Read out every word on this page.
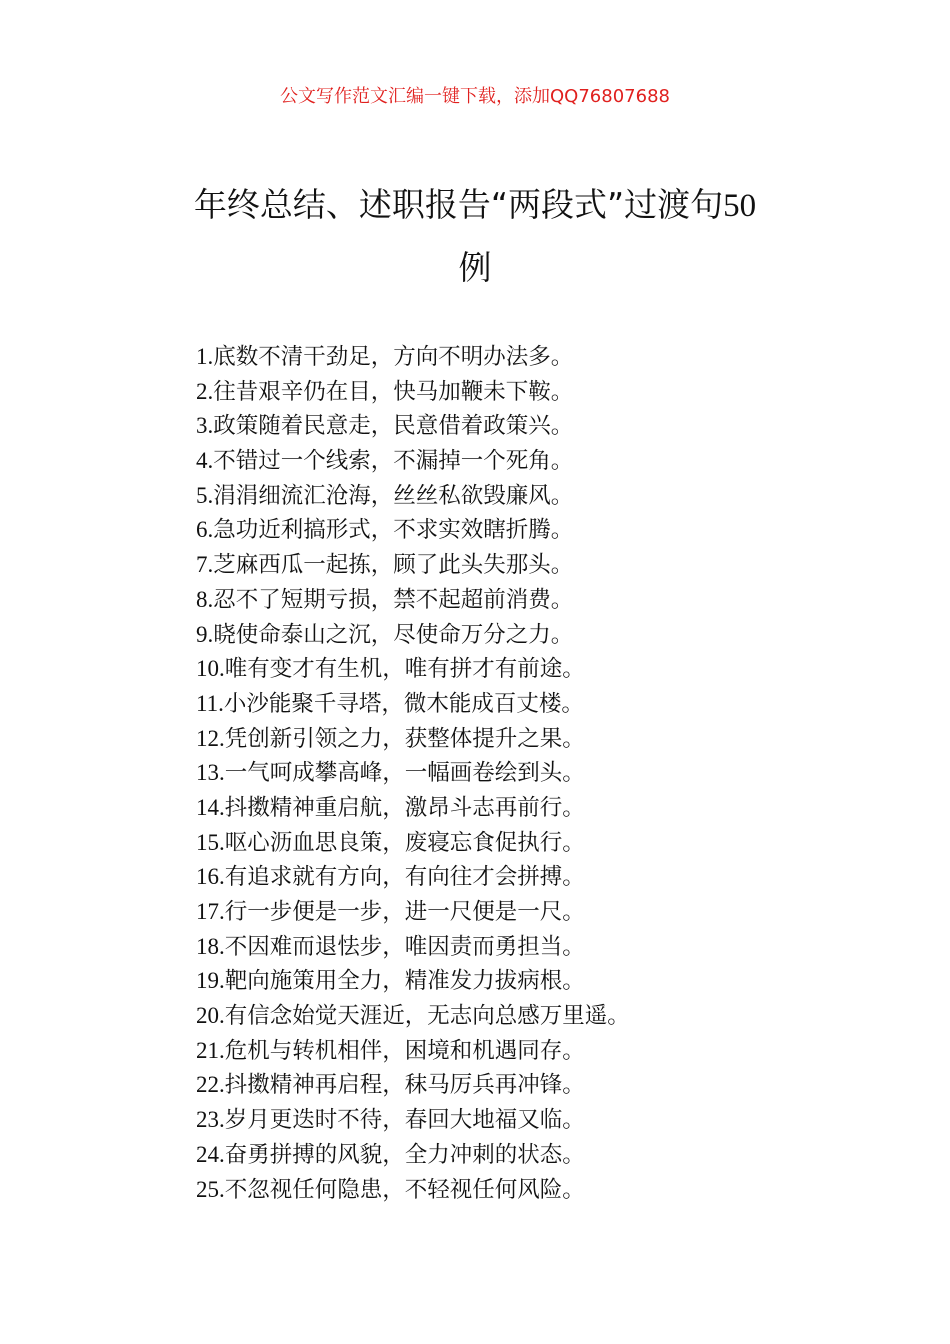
公文写作范文汇编一键下载，添加QQ76807688
年终总结、述职报告“两段式”过渡句50
例
1.底数不清干劲足，方向不明办法多。
2.往昔艰辛仍在目，快马加鞭未下鞍。
3.政策随着民意走，民意借着政策兴。
4.不错过一个线索，不漏掉一个死角。
5.涓涓细流汇沧海，丝丝私欲毁廉风。
6.急功近利搞形式，不求实效瞎折腾。
7.芝麻西瓜一起拣，顾了此头失那头。
8.忍不了短期亏损，禁不起超前消费。
9.晓使命泰山之沉，尽使命万分之力。
10.唯有变才有生机，唯有拼才有前途。
11.小沙能聚千寻塔，微木能成百丈楼。
12.凭创新引领之力，获整体提升之果。
13.一气呵成攀高峰，一幅画卷绘到头。
14.抖擞精神重启航，激昂斗志再前行。
15.呕心沥血思良策，废寝忘食促执行。
16.有追求就有方向，有向往才会拼搏。
17.行一步便是一步，进一尺便是一尺。
18.不因难而退怯步，唯因责而勇担当。
19.靶向施策用全力，精准发力拔病根。
20.有信念始觉天涯近，无志向总感万里遥。
21.危机与转机相伴，困境和机遇同存。
22.抖擞精神再启程，秣马厉兵再冲锋。
23.岁月更迭时不待，春回大地福又临。
24.奋勇拼搏的风貌，全力冲刺的状态。
25.不忽视任何隐患，不轻视任何风险。
